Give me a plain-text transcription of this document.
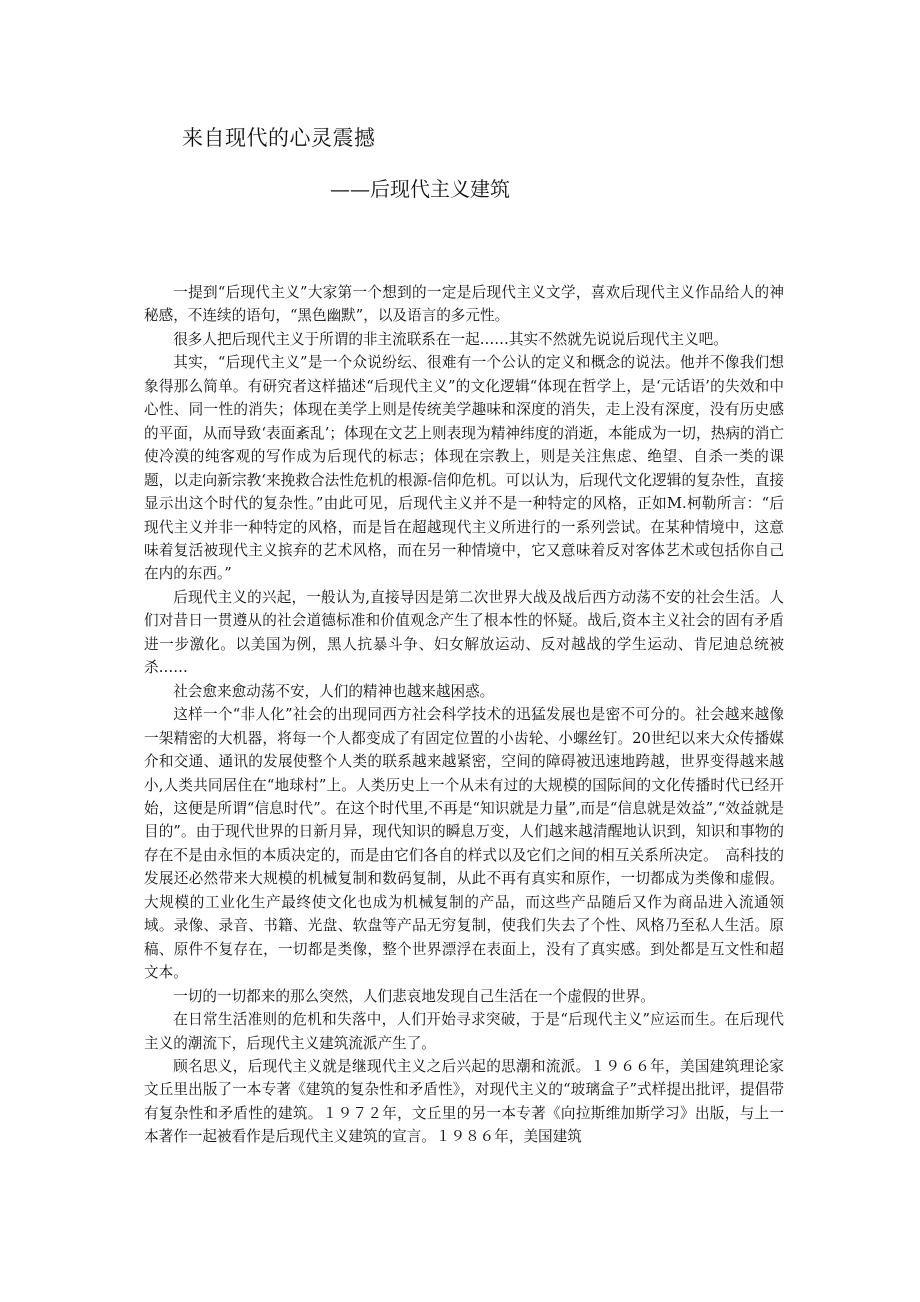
来自现代的心灵震撼
——后现代主义建筑

一提到“后现代主义”大家第一个想到的一定是后现代主义文学，喜欢后现代主义作品给人的神秘感，不连续的语句，“黑色幽默”，以及语言的多元性。

很多人把后现代主义于所谓的非主流联系在一起……其实不然就先说说后现代主义吧。

其实，“后现代主义”是一个众说纷纭、很难有一个公认的定义和概念的说法。他并不像我们想象得那么简单。有研究者这样描述“后现代主义”的文化逻辑“体现在哲学上，是‘元话语’的失效和中心性、同一性的消失；体现在美学上则是传统美学趣味和深度的消失，走上没有深度，没有历史感的平面，从而导致‘表面紊乱’；体现在文艺上则表现为精神纬度的消逝，本能成为一切，热病的消亡使冷漠的纯客观的写作成为后现代的标志；体现在宗教上，则是关注焦虑、绝望、自杀一类的课题，以走向新宗教‘来挽救合法性危机的根源-信仰危机。可以认为，后现代文化逻辑的复杂性，直接显示出这个时代的复杂性。”由此可见，后现代主义并不是一种特定的风格，正如M.柯勒所言：“后现代主义并非一种特定的风格，而是旨在超越现代主义所进行的一系列尝试。在某种情境中，这意味着复活被现代主义摈弃的艺术风格，而在另一种情境中，它又意味着反对客体艺术或包括你自己在内的东西。”

后现代主义的兴起，一般认为,直接导因是第二次世界大战及战后西方动荡不安的社会生活。人们对昔日一贯遵从的社会道德标准和价值观念产生了根本性的怀疑。战后,资本主义社会的固有矛盾进一步激化。以美国为例，黑人抗暴斗争、妇女解放运动、反对越战的学生运动、肯尼迪总统被杀……

社会愈来愈动荡不安，人们的精神也越来越困惑。

这样一个“非人化”社会的出现同西方社会科学技术的迅猛发展也是密不可分的。社会越来越像一架精密的大机器，将每一个人都变成了有固定位置的小齿轮、小螺丝钉。20世纪以来大众传播媒介和交通、通讯的发展使整个人类的联系越来越紧密，空间的障碍被迅速地跨越，世界变得越来越小,人类共同居住在“地球村”上。人类历史上一个从未有过的大规模的国际间的文化传播时代已经开始，这便是所谓“信息时代”。在这个时代里,不再是“知识就是力量”,而是“信息就是效益”,“效益就是目的”。由于现代世界的日新月异，现代知识的瞬息万变，人们越来越清醒地认识到，知识和事物的存在不是由永恒的本质决定的，而是由它们各自的样式以及它们之间的相互关系所决定。　高科技的发展还必然带来大规模的机械复制和数码复制，从此不再有真实和原作，一切都成为类像和虚假。大规模的工业化生产最终使文化也成为机械复制的产品，而这些产品随后又作为商品进入流通领域。录像、录音、书籍、光盘、软盘等产品无穷复制，使我们失去了个性、风格乃至私人生活。原稿、原件不复存在，一切都是类像，整个世界漂浮在表面上，没有了真实感。到处都是互文性和超文本。

一切的一切都来的那么突然，人们悲哀地发现自己生活在一个虚假的世界。

在日常生活准则的危机和失落中，人们开始寻求突破，于是“后现代主义”应运而生。在后现代主义的潮流下，后现代主义建筑流派产生了。

顾名思义，后现代主义就是继现代主义之后兴起的思潮和流派。１９６６年，美国建筑理论家文丘里出版了一本专著《建筑的复杂性和矛盾性》，对现代主义的“玻璃盒子”式样提出批评，提倡带有复杂性和矛盾性的建筑。１９７２年，文丘里的另一本专著《向拉斯维加斯学习》出版，与上一本著作一起被看作是后现代主义建筑的宣言。１９８６年，美国建筑
